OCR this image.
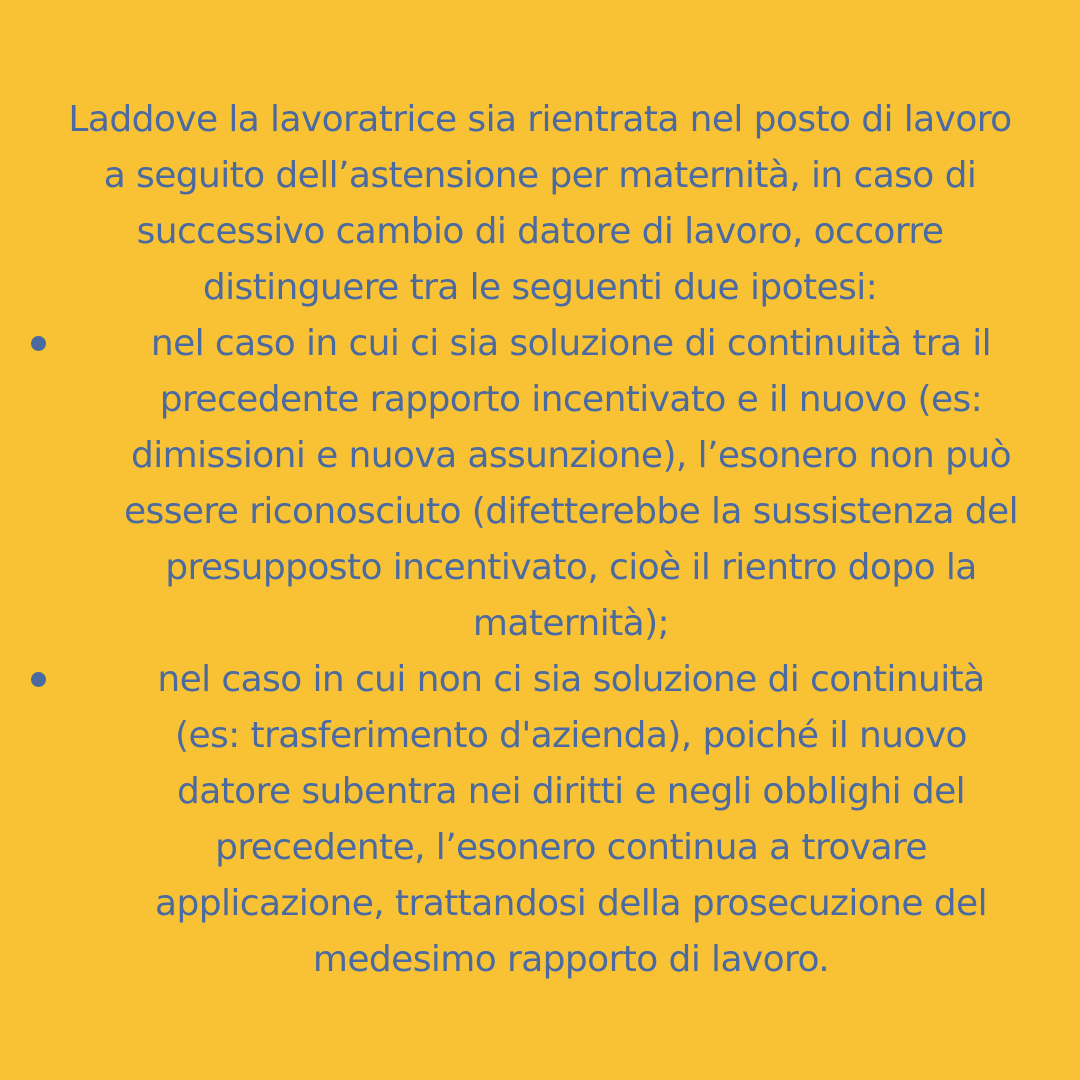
Laddove la lavoratrice sia rientrata nel posto di lavoro
a seguito dell’astensione per maternità, in caso di
successivo cambio di datore di lavoro, occorre
distinguere tra le seguenti due ipotesi:
nel caso in cui ci sia soluzione di continuità tra il
precedente rapporto incentivato e il nuovo (es:
dimissioni e nuova assunzione), l’esonero non può
essere riconosciuto (difetterebbe la sussistenza del
presupposto incentivato, cioè il rientro dopo la
maternità);
nel caso in cui non ci sia soluzione di continuità
(es: trasferimento d'azienda), poiché il nuovo
datore subentra nei diritti e negli obblighi del
precedente, l’esonero continua a trovare
applicazione, trattandosi della prosecuzione del
medesimo rapporto di lavoro.
